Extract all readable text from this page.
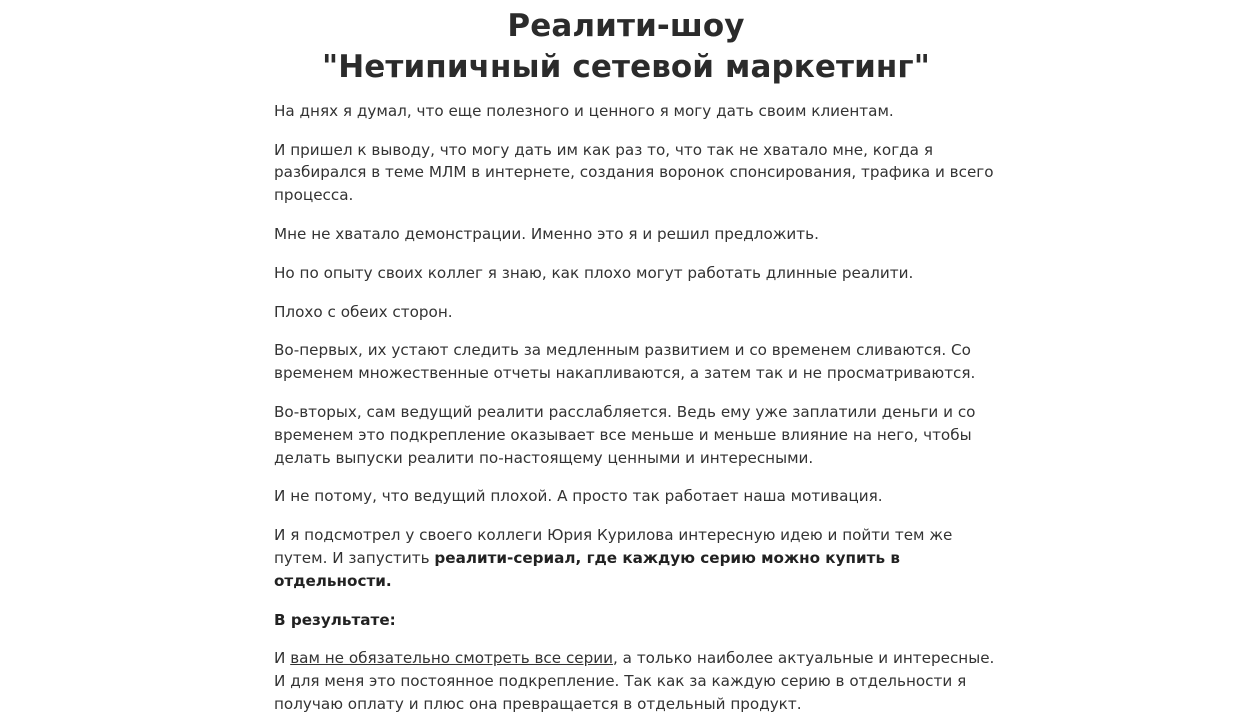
Реалити-шоу
"Нетипичный сетевой маркетинг"

На днях я думал, что еще полезного и ценного я могу дать своим клиентам.

И пришел к выводу, что могу дать им как раз то, что так не хватало мне, когда я разбирался в теме МЛМ в интернете, создания воронок спонсирования, трафика и всего процесса.

Мне не хватало демонстрации. Именно это я и решил предложить.

Но по опыту своих коллег я знаю, как плохо могут работать длинные реалити.

Плохо с обеих сторон.

Во-первых, их устают следить за медленным развитием и со временем сливаются. Со временем множественные отчеты накапливаются, а затем так и не просматриваются.

Во-вторых, сам ведущий реалити расслабляется. Ведь ему уже заплатили деньги и со временем это подкрепление оказывает все меньше и меньше влияние на него, чтобы делать выпуски реалити по-настоящему ценными и интересными.

И не потому, что ведущий плохой. А просто так работает наша мотивация.

И я подсмотрел у своего коллеги Юрия Курилова интересную идею и пойти тем же путем. И запустить реалити-сериал, где каждую серию можно купить в отдельности.

В результате:

И вам не обязательно смотреть все серии, а только наиболее актуальные и интересные. И для меня это постоянное подкрепление. Так как за каждую серию в отдельности я получаю оплату и плюс она превращается в отдельный продукт.
